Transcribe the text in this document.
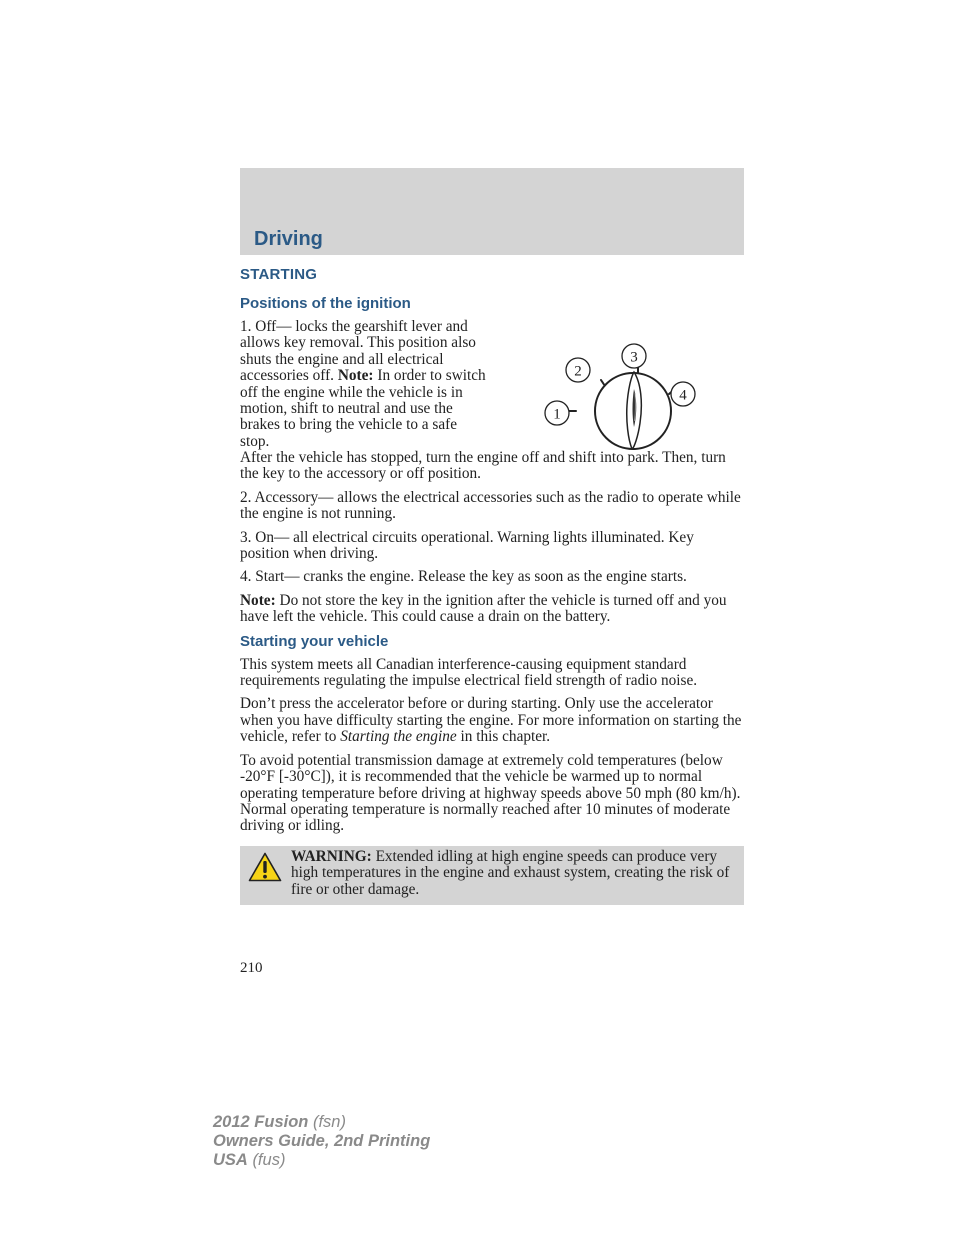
Driving
STARTING
Positions of the ignition

1. Off— locks the gearshift lever and allows key removal. This position also shuts the engine and all electrical accessories off. Note: In order to switch off the engine while the vehicle is in motion, shift to neutral and use the brakes to bring the vehicle to a safe stop.

1
2
3
4

After the vehicle has stopped, turn the engine off and shift into park. Then, turn the key to the accessory or off position.

2. Accessory— allows the electrical accessories such as the radio to operate while the engine is not running.

3. On— all electrical circuits operational. Warning lights illuminated. Key position when driving.

4. Start— cranks the engine. Release the key as soon as the engine starts.

Note: Do not store the key in the ignition after the vehicle is turned off and you have left the vehicle. This could cause a drain on the battery.

Starting your vehicle

This system meets all Canadian interference-causing equipment standard requirements regulating the impulse electrical field strength of radio noise.

Don’t press the accelerator before or during starting. Only use the accelerator when you have difficulty starting the engine. For more information on starting the vehicle, refer to Starting the engine in this chapter.

To avoid potential transmission damage at extremely cold temperatures (below -20°F [-30°C]), it is recommended that the vehicle be warmed up to normal operating temperature before driving at highway speeds above 50 mph (80 km/h). Normal operating temperature is normally reached after 10 minutes of moderate driving or idling.

WARNING: Extended idling at high engine speeds can produce very high temperatures in the engine and exhaust system, creating the risk of fire or other damage.

210

2012 Fusion (fsn)
Owners Guide, 2nd Printing
USA (fus)
